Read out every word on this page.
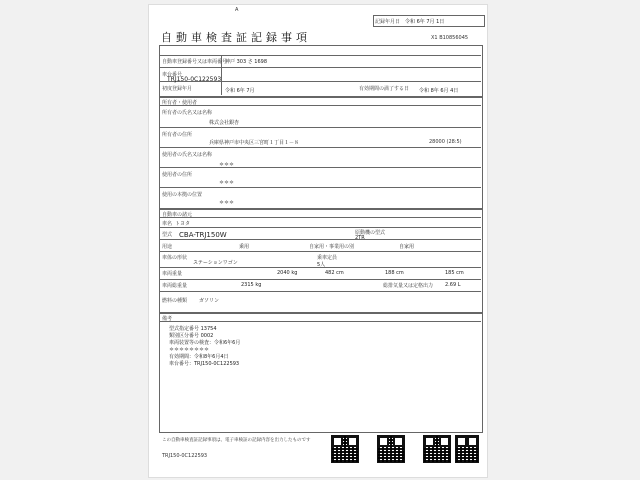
A
記録年月日 令和 6年 7月 1日
自動車検査証記録事項	X1 B10856045
自動車登録番号又は車両番号
神戸 303 さ 1698
車台番号
TRJ150-0C122593
初度登録年月	令和 6年 7月	有効期間の満了する日 令和 8年 6月 4日
所有者・使用者
所有者の氏名又は名称
株式会社銀杏
所有者の住所
兵庫県神戸市中央区三宮町１丁目１－８	28000 (28:5)
使用者の氏名又は名称
＊＊＊
使用者の住所
＊＊＊
使用の本拠の位置
＊＊＊
自動車の諸元
車名 トヨタ
型式 CBA-TRJ150W	原動機の型式
2TR
用途	乗用	自家用・事業用の別	自家用
車体の形状
ステーションワゴン
乗車定員
5人
車両重量	2040 kg	482 cm	188 cm	185 cm
車両総重量	2315 kg	総排気量又は定格出力 2.69 L
燃料の種類 ガソリン
備考
型式指定番号 13754
類別区分番号 0002
車両装置等の検査：令和6年6月
＊＊＊＊＊＊＊＊
有効期間：令和8年6月4日
車台番号：TRJ150-0C122593
この自動車検査証記録事項は、電子車検証の記録内容を出力したものです
TRJ150-0C122593
